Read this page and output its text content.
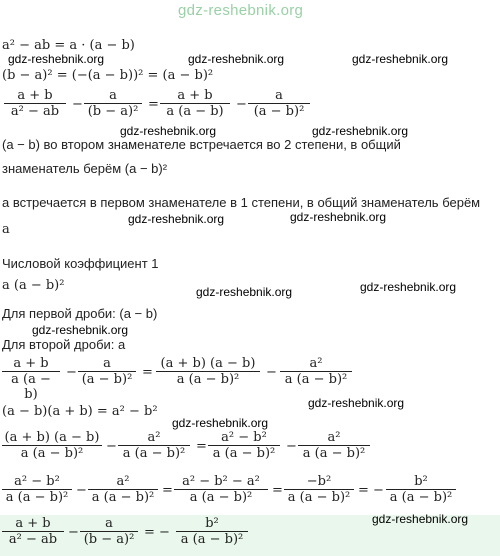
gdz-reshebnik.org
a² − ab = a · (a − b)
gdz-reshebnik.org	gdz-reshebnik.org	gdz-reshebnik.org
(b − a)² = (−(a − b))² = (a − b)²
$\frac{a + b}{\text{a² − ab}} - \frac{a}{\text{(b − a)²}} = \frac{a + b}{a (a - b)} - \frac{a}{\text{(a − b)²}}$
gdz-reshebnik.org	gdz-reshebnik.org
(a − b) во втором знаменателе встречается во 2 степени, в общий
знаменатель берём (a − b)²
a встречается в первом знаменателе в 1 степени, в общий знаменатель берём
gdz-reshebnik.org	gdz-reshebnik.org
a
Числовой коэффициент 1
a (a − b)²	gdz-reshebnik.org	gdz-reshebnik.org
Для первой дроби: (a − b)
gdz-reshebnik.org
Для второй дроби: a
$\frac{a + b}{a (a - b)} - \frac{a}{\text{(a − b)²}} = \frac{(a + b) (a - b)}{\text{a (a − b)²}} - \frac{\text{a²}}{\text{a (a − b)²}}$
gdz-reshebnik.org
(a − b)(a + b) = a² − b²
gdz-reshebnik.org
$\frac{(a + b) (a - b)}{\text{a (a − b)²}} - \frac{\text{a²}}{\text{a (a − b)²}} = \frac{\text{a² − b²}}{\text{a (a − b)²}} - \frac{\text{a²}}{\text{a (a − b)²}}$
$\frac{\text{a² − b²}}{\text{a (a − b)²}} - \frac{\text{a²}}{\text{a (a − b)²}} = \frac{\text{a² − b² − a²}}{\text{a (a − b)²}} = \frac{\text{−b²}}{\text{a (a − b)²}}$ = − $\frac{\text{b²}}{\text{a (a − b)²}}$
gdz-reshebnik.org
$\frac{a + b}{\text{a² − ab}} - \frac{a}{\text{(b − a)²}}$ = − $\frac{\text{b²}}{\text{a (a − b)²}}$
